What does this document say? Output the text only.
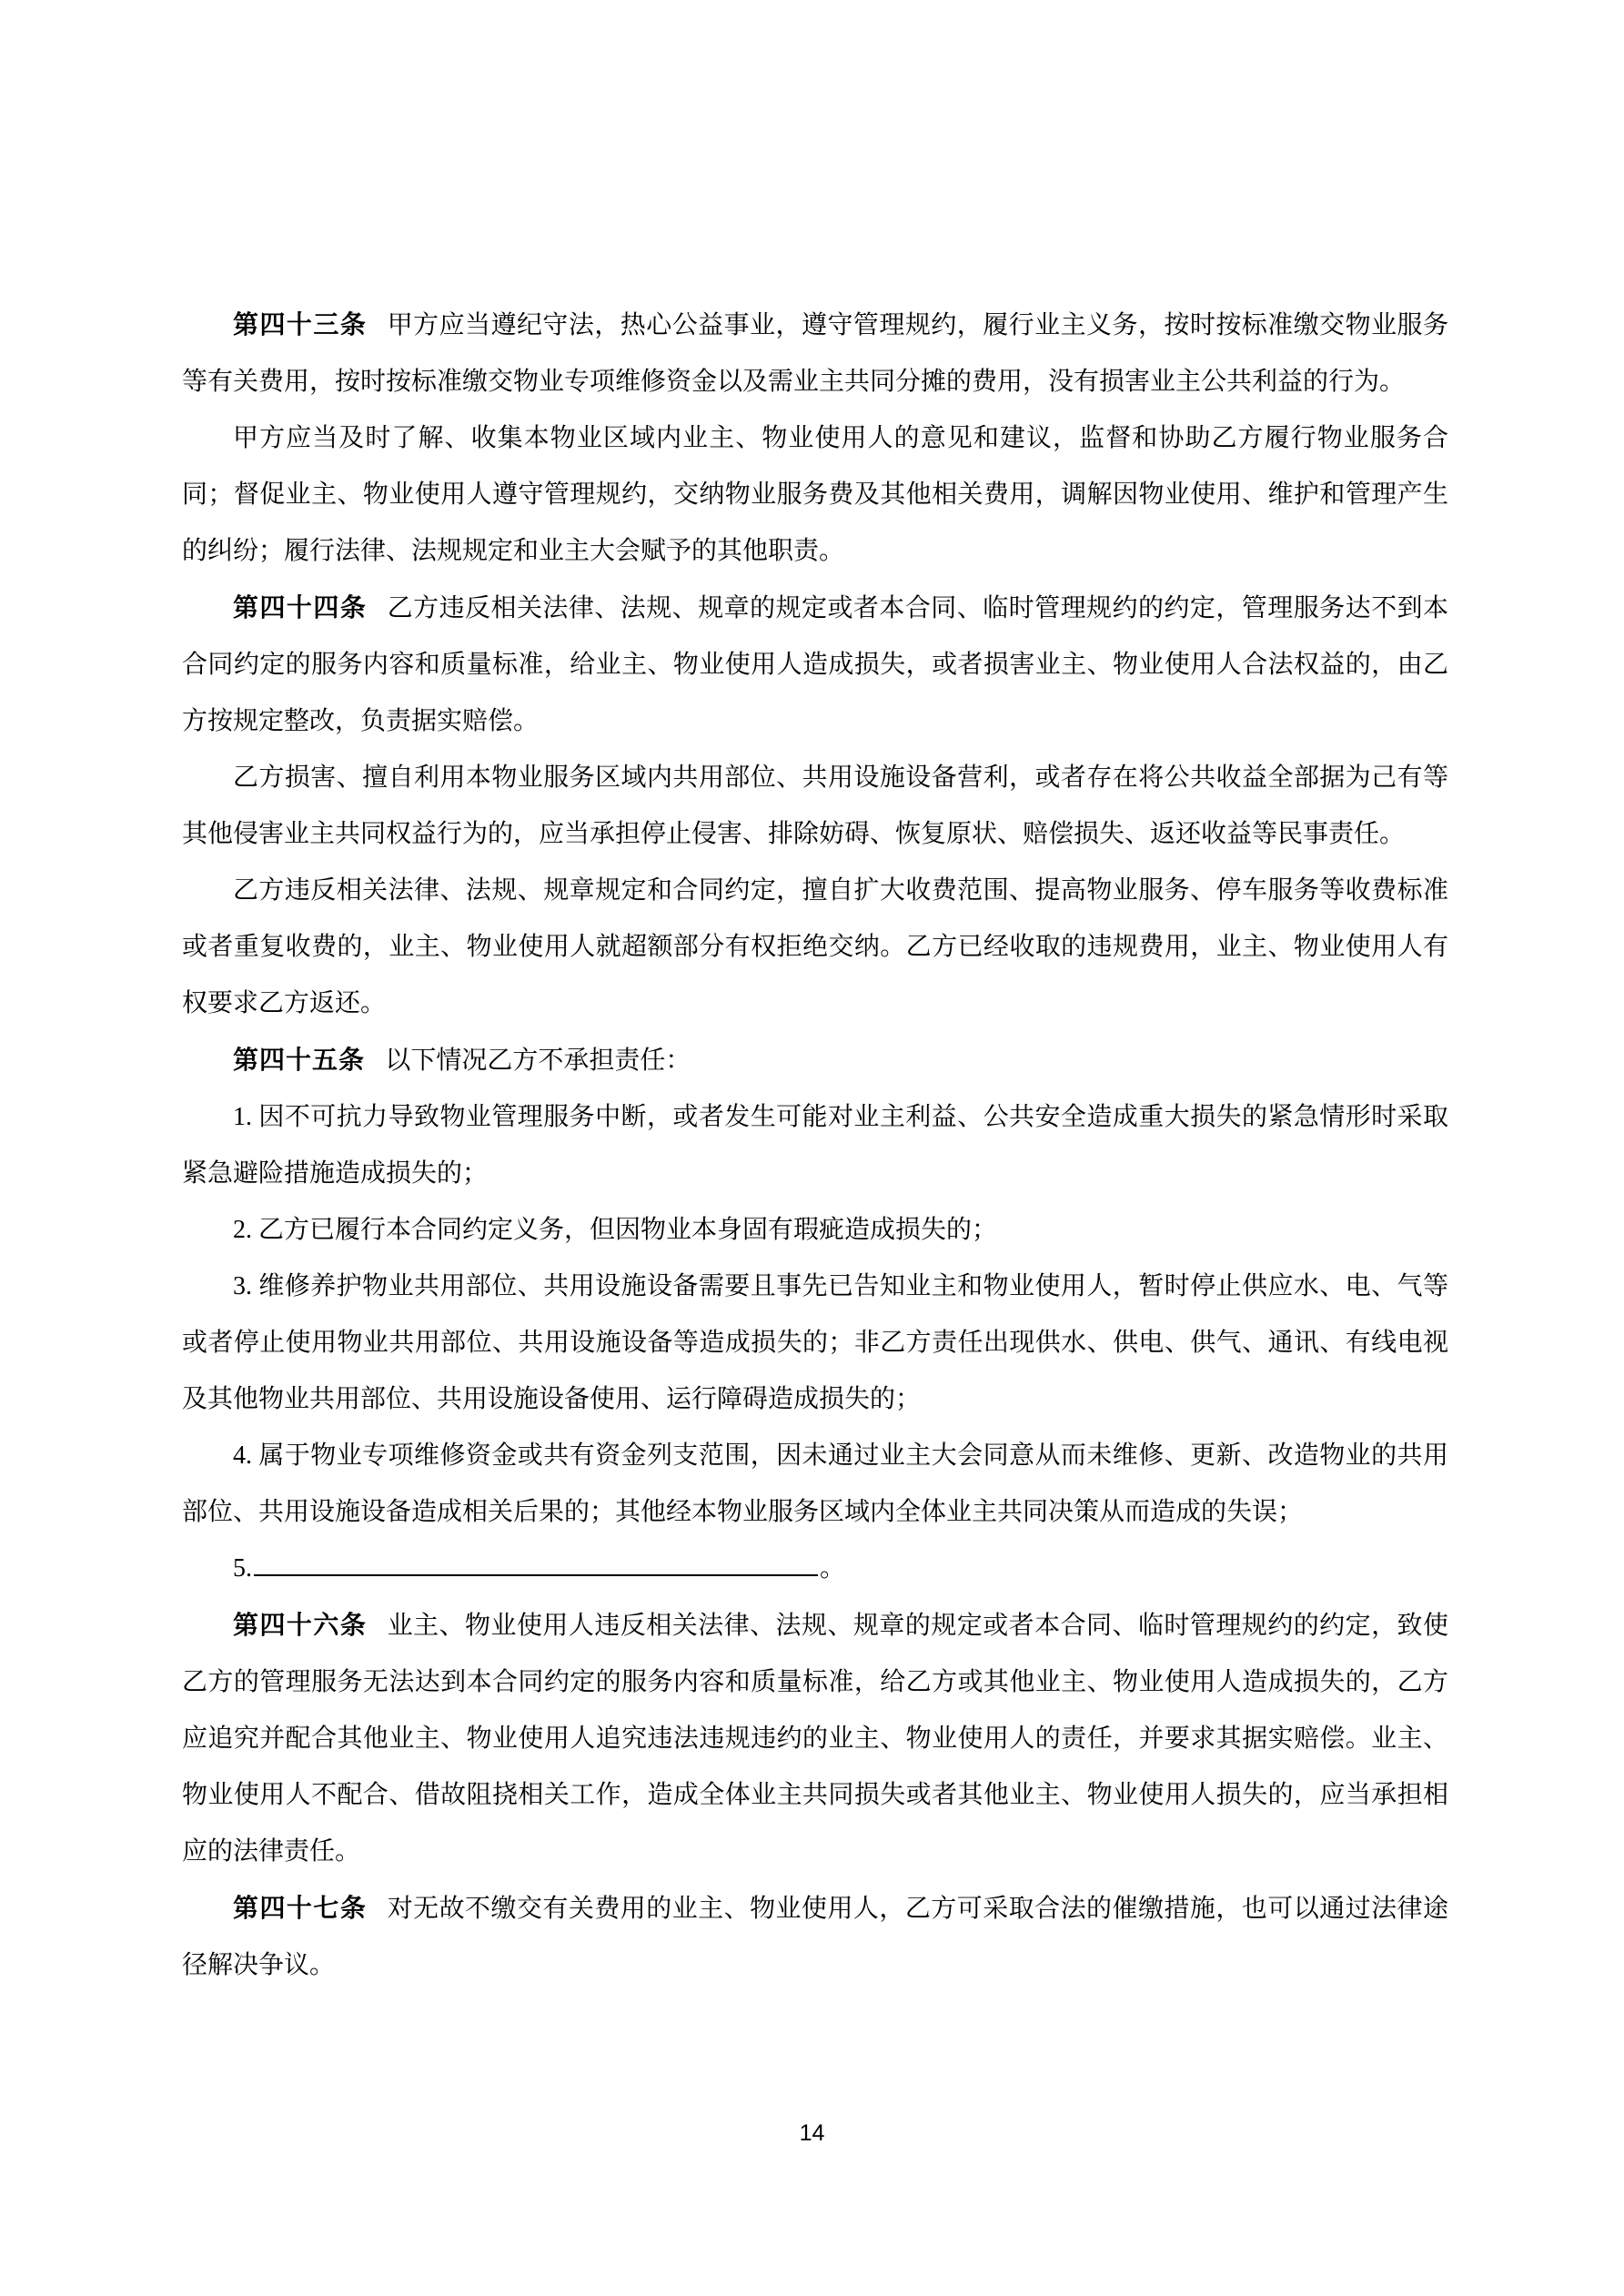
第四十三条 甲方应当遵纪守法，热心公益事业，遵守管理规约，履行业主义务，按时按标准缴交物业服务等有关费用，按时按标准缴交物业专项维修资金以及需业主共同分摊的费用，没有损害业主公共利益的行为。

甲方应当及时了解、收集本物业区域内业主、物业使用人的意见和建议，监督和协助乙方履行物业服务合同；督促业主、物业使用人遵守管理规约，交纳物业服务费及其他相关费用，调解因物业使用、维护和管理产生的纠纷；履行法律、法规规定和业主大会赋予的其他职责。

第四十四条 乙方违反相关法律、法规、规章的规定或者本合同、临时管理规约的约定，管理服务达不到本合同约定的服务内容和质量标准，给业主、物业使用人造成损失，或者损害业主、物业使用人合法权益的，由乙方按规定整改，负责据实赔偿。

乙方损害、擅自利用本物业服务区域内共用部位、共用设施设备营利，或者存在将公共收益全部据为己有等其他侵害业主共同权益行为的，应当承担停止侵害、排除妨碍、恢复原状、赔偿损失、返还收益等民事责任。

乙方违反相关法律、法规、规章规定和合同约定，擅自扩大收费范围、提高物业服务、停车服务等收费标准或者重复收费的，业主、物业使用人就超额部分有权拒绝交纳。乙方已经收取的违规费用，业主、物业使用人有权要求乙方返还。

第四十五条 以下情况乙方不承担责任：

1. 因不可抗力导致物业管理服务中断，或者发生可能对业主利益、公共安全造成重大损失的紧急情形时采取紧急避险措施造成损失的；

2. 乙方已履行本合同约定义务，但因物业本身固有瑕疵造成损失的；

3. 维修养护物业共用部位、共用设施设备需要且事先已告知业主和物业使用人，暂时停止供应水、电、气等或者停止使用物业共用部位、共用设施设备等造成损失的；非乙方责任出现供水、供电、供气、通讯、有线电视及其他物业共用部位、共用设施设备使用、运行障碍造成损失的；

4. 属于物业专项维修资金或共有资金列支范围，因未通过业主大会同意从而未维修、更新、改造物业的共用部位、共用设施设备造成相关后果的；其他经本物业服务区域内全体业主共同决策从而造成的失误；

5.	。

第四十六条 业主、物业使用人违反相关法律、法规、规章的规定或者本合同、临时管理规约的约定，致使乙方的管理服务无法达到本合同约定的服务内容和质量标准，给乙方或其他业主、物业使用人造成损失的，乙方应追究并配合其他业主、物业使用人追究违法违规违约的业主、物业使用人的责任，并要求其据实赔偿。业主、物业使用人不配合、借故阻挠相关工作，造成全体业主共同损失或者其他业主、物业使用人损失的，应当承担相应的法律责任。

第四十七条 对无故不缴交有关费用的业主、物业使用人，乙方可采取合法的催缴措施，也可以通过法律途径解决争议。

14
